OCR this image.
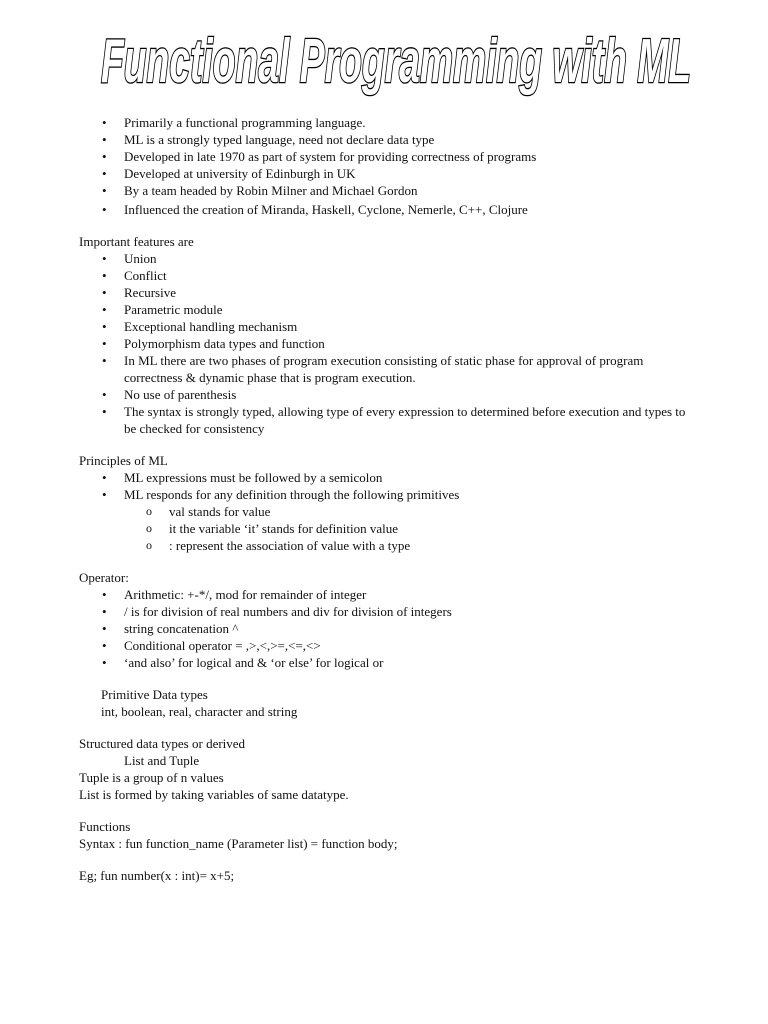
Functional Programming with ML
• Primarily a functional programming language.
• ML is a strongly typed language, need not declare data type
• Developed in late 1970 as part of system for providing correctness of programs
• Developed at university of Edinburgh in UK
• By a team headed by Robin Milner and Michael Gordon
• Influenced the creation of Miranda, Haskell, Cyclone, Nemerle, C++, Clojure
Important features are
• Union
• Conflict
• Recursive
• Parametric module
• Exceptional handling mechanism
• Polymorphism data types and function
• In ML there are two phases of program execution consisting of static phase for approval of program correctness & dynamic phase that is program execution.
• No use of parenthesis
• The syntax is strongly typed, allowing type of every expression to determined before execution and types to be checked for consistency
Principles of ML
• ML expressions must be followed by a semicolon
• ML responds for any definition through the following primitives
o val stands for value
o it the variable ‘it’ stands for definition value
o : represent the association of value with a type
Operator:
• Arithmetic: +-*/, mod for remainder of integer
• / is for division of real numbers and div for division of integers
• string concatenation ^
• Conditional operator = ,>,<,>=,<=,<>
• ‘and also’ for logical and & ‘or else’ for logical or
Primitive Data types
int, boolean, real, character and string
Structured data types or derived
List and Tuple
Tuple is a group of n values
List is formed by taking variables of same datatype.
Functions
Syntax : fun function_name (Parameter list) = function body;
Eg; fun number(x : int)= x+5;
